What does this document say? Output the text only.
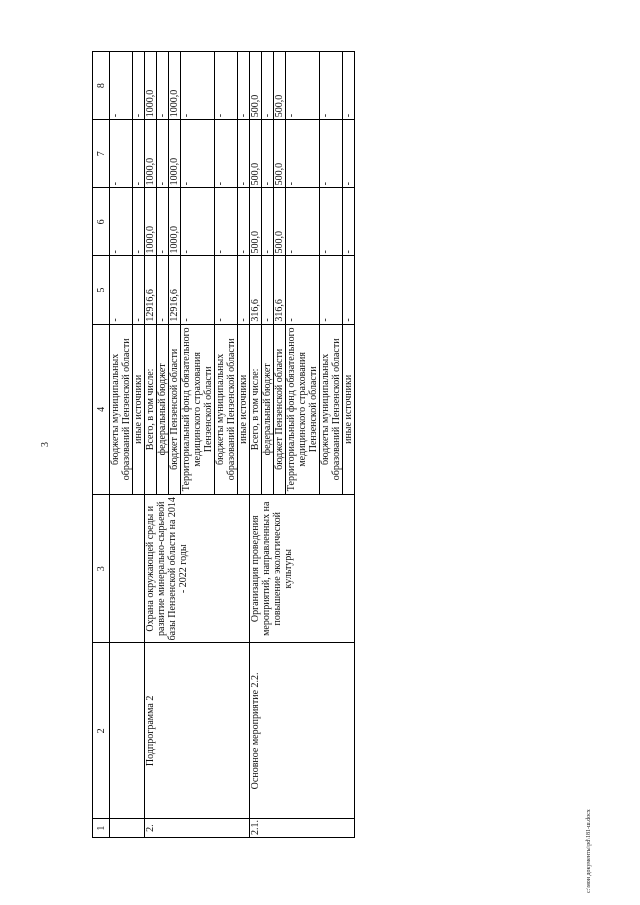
3
1	2	3	4	5	6	7	8
			бюджеты муниципальных образований Пензенской области	-	-	-	-
			иные источники	-	-	-	-
2.	Подпрограмма 2	Охрана окружающей среды и развитие минерально-сырьевой базы Пензенской области на 2014 - 2022 годы	Всего, в том числе:	12916,6	1000,0	1000,0	1000,0
			федеральный бюджет	-	-	-	-
			бюджет Пензенской области	12916,6	1000,0	1000,0	1000,0
			Территориальный фонд обязательного медицинского страхования Пензенской области	-	-	-	-
			бюджеты муниципальных образований Пензенской области	-	-	-	-
			иные источники	-	-	-	-
2.1.	Основное мероприятие 2.2.	Организация проведения мероприятий, направленных на повышение экологической культуры	Всего, в том числе:	316,6	500,0	500,0	500,0
			федеральный бюджет	-	-	-	-
			бюджет Пензенской области	316,6	500,0	500,0	500,0
			Территориальный фонд обязательного медицинского страхования Пензенской области	-	-	-	-
			бюджеты муниципальных образований Пензенской области	-	-	-	-
			иные источники	-	-	-	-
c:\мои документы\рd\181-ш.docx
